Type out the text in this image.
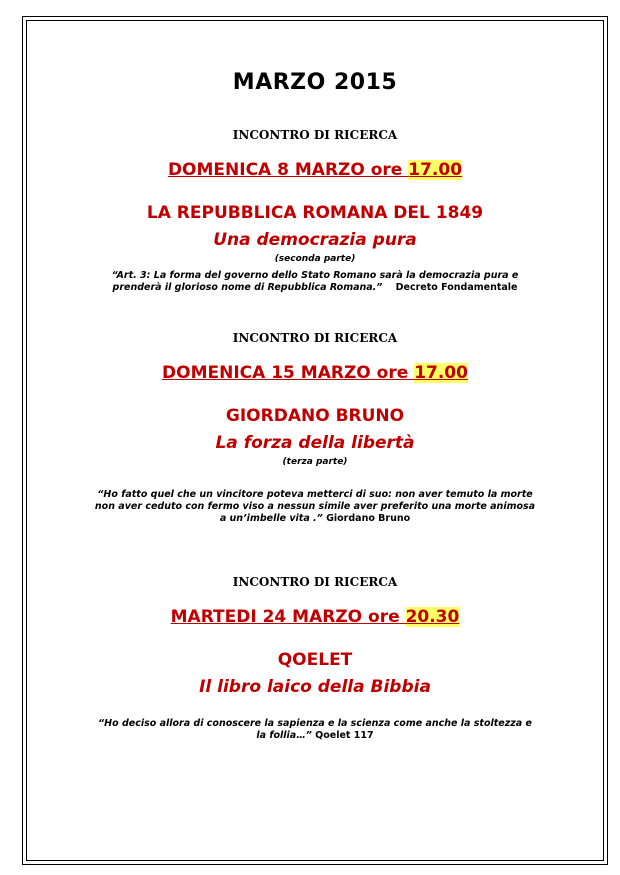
MARZO 2015
INCONTRO DI RICERCA
DOMENICA 8 MARZO ore 17.00
LA REPUBBLICA ROMANA DEL 1849
Una democrazia pura
(seconda parte)
“Art. 3: La forma del governo dello Stato Romano sarà la democrazia pura e
prenderà il glorioso nome di Repubblica Romana.” Decreto Fondamentale
INCONTRO DI RICERCA
DOMENICA 15 MARZO ore 17.00
GIORDANO BRUNO
La forza della libertà
(terza parte)
“Ho fatto quel che un vincitore poteva metterci di suo: non aver temuto la morte
non aver ceduto con fermo viso a nessun simile aver preferito una morte animosa
a un’imbelle vita .” Giordano Bruno
INCONTRO DI RICERCA
MARTEDI 24 MARZO ore 20.30
QOELET
Il libro laico della Bibbia
“Ho deciso allora di conoscere la sapienza e la scienza come anche la stoltezza e
la follia…” Qoelet 117
